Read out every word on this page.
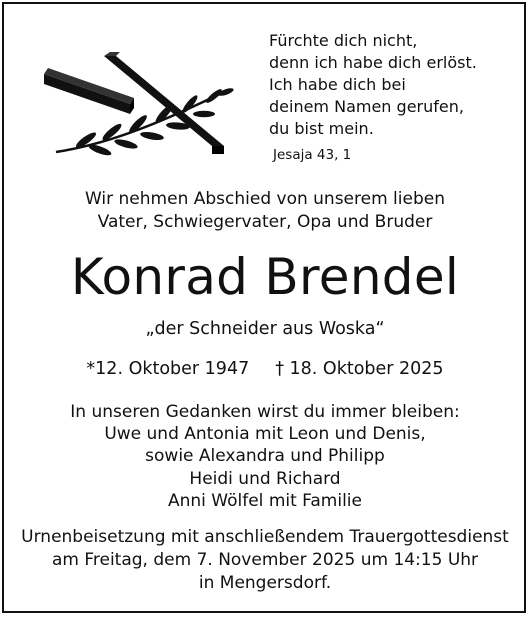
Fürchte dich nicht,
denn ich habe dich erlöst.
Ich habe dich bei
deinem Namen gerufen,
du bist mein.
Jesaja 43, 1
Wir nehmen Abschied von unserem lieben
Vater, Schwiegervater, Opa und Bruder
Konrad Brendel
„der Schneider aus Woska“
*12. Oktober 1947 † 18. Oktober 2025
In unseren Gedanken wirst du immer bleiben:
Uwe und Antonia mit Leon und Denis,
sowie Alexandra und Philipp
Heidi und Richard
Anni Wölfel mit Familie
Urnenbeisetzung mit anschließendem Trauergottesdienst
am Freitag, dem 7. November 2025 um 14:15 Uhr
in Mengersdorf.
